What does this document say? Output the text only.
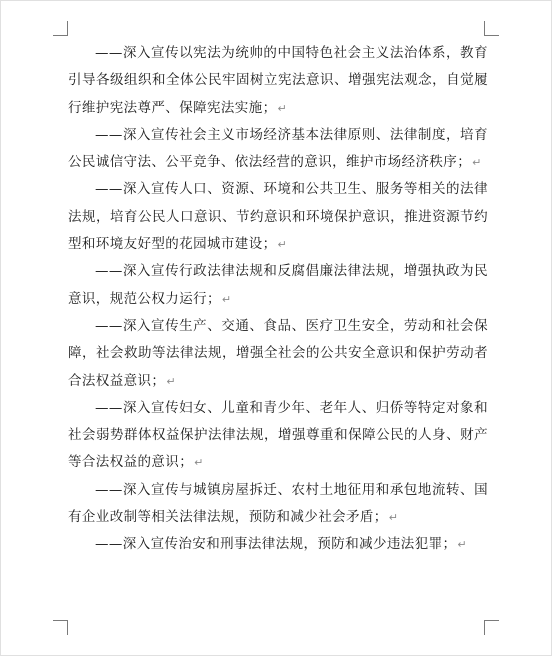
——深入宣传以宪法为统帅的中国特色社会主义法治体系，教育引导各级组织和全体公民牢固树立宪法意识、增强宪法观念，自觉履行维护宪法尊严、保障宪法实施；↵

——深入宣传社会主义市场经济基本法律原则、法律制度，培育公民诚信守法、公平竞争、依法经营的意识，维护市场经济秩序；↵

——深入宣传人口、资源、环境和公共卫生、服务等相关的法律法规，培育公民人口意识、节约意识和环境保护意识，推进资源节约型和环境友好型的花园城市建设；↵

——深入宣传行政法律法规和反腐倡廉法律法规，增强执政为民意识，规范公权力运行；↵

——深入宣传生产、交通、食品、医疗卫生安全，劳动和社会保障，社会救助等法律法规，增强全社会的公共安全意识和保护劳动者合法权益意识；↵

——深入宣传妇女、儿童和青少年、老年人、归侨等特定对象和社会弱势群体权益保护法律法规，增强尊重和保障公民的人身、财产等合法权益的意识；↵

——深入宣传与城镇房屋拆迁、农村土地征用和承包地流转、国有企业改制等相关法律法规，预防和减少社会矛盾；↵

——深入宣传治安和刑事法律法规，预防和减少违法犯罪；↵
